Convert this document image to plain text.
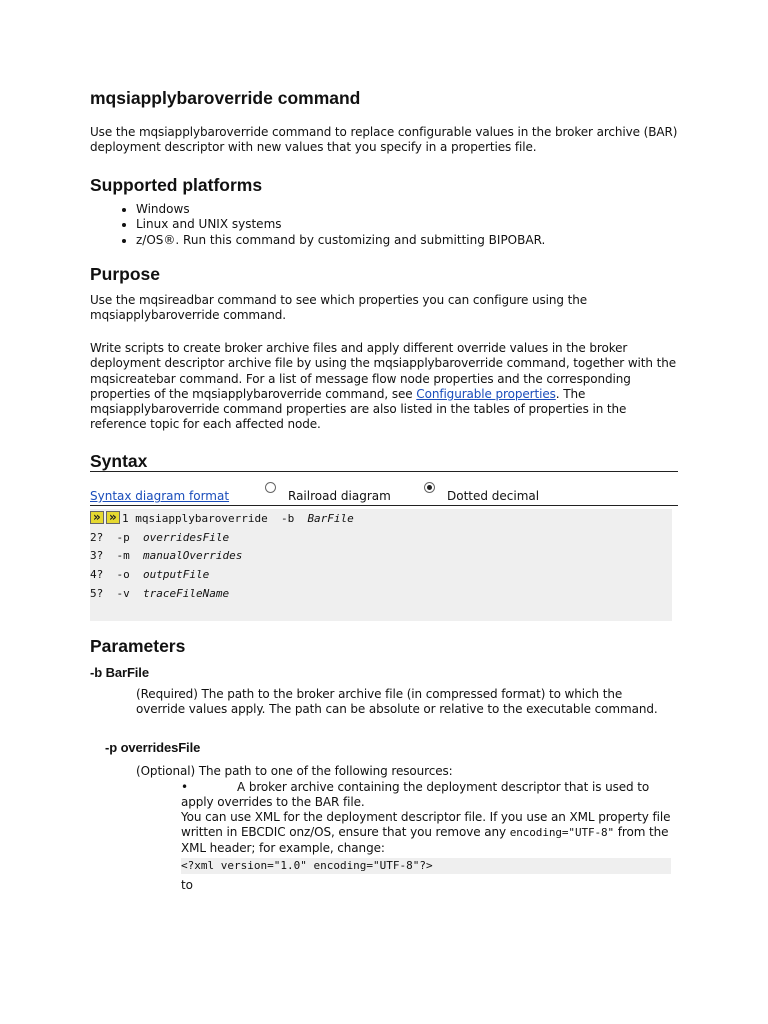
mqsiapplybaroverride command

Use the mqsiapplybaroverride command to replace configurable values in the broker archive (BAR) deployment descriptor with new values that you specify in a properties file.

Supported platforms
• Windows
• Linux and UNIX systems
• z/OS®. Run this command by customizing and submitting BIPOBAR.
Purpose

Use the mqsireadbar command to see which properties you can configure using the mqsiapplybaroverride command.

Write scripts to create broker archive files and apply different override values in the broker deployment descriptor archive file by using the mqsiapplybaroverride command, together with the mqsicreatebar command. For a list of message flow node properties and the corresponding properties of the mqsiapplybaroverride command, see Configurable properties. The mqsiapplybaroverride command properties are also listed in the tables of properties in the reference topic for each affected node.

Syntax
Syntax diagram format	Railroad diagram	Dotted decimal
» »1 mqsiapplybaroverride  -b  BarFile
2? -p overridesFile
3? -m manualOverrides
4? -o outputFile
5? -v traceFileName
Parameters

-b BarFile

(Required) The path to the broker archive file (in compressed format) to which the override values apply. The path can be absolute or relative to the executable command.

-p overridesFile

(Optional) The path to one of the following resources:

•	A broker archive containing the deployment descriptor that is used to apply overrides to the BAR file.

You can use XML for the deployment descriptor file. If you use an XML property file written in EBCDIC onz/OS, ensure that you remove any encoding="UTF-8" from the XML header; for example, change:

<?xml version="1.0" encoding="UTF-8"?>

to
